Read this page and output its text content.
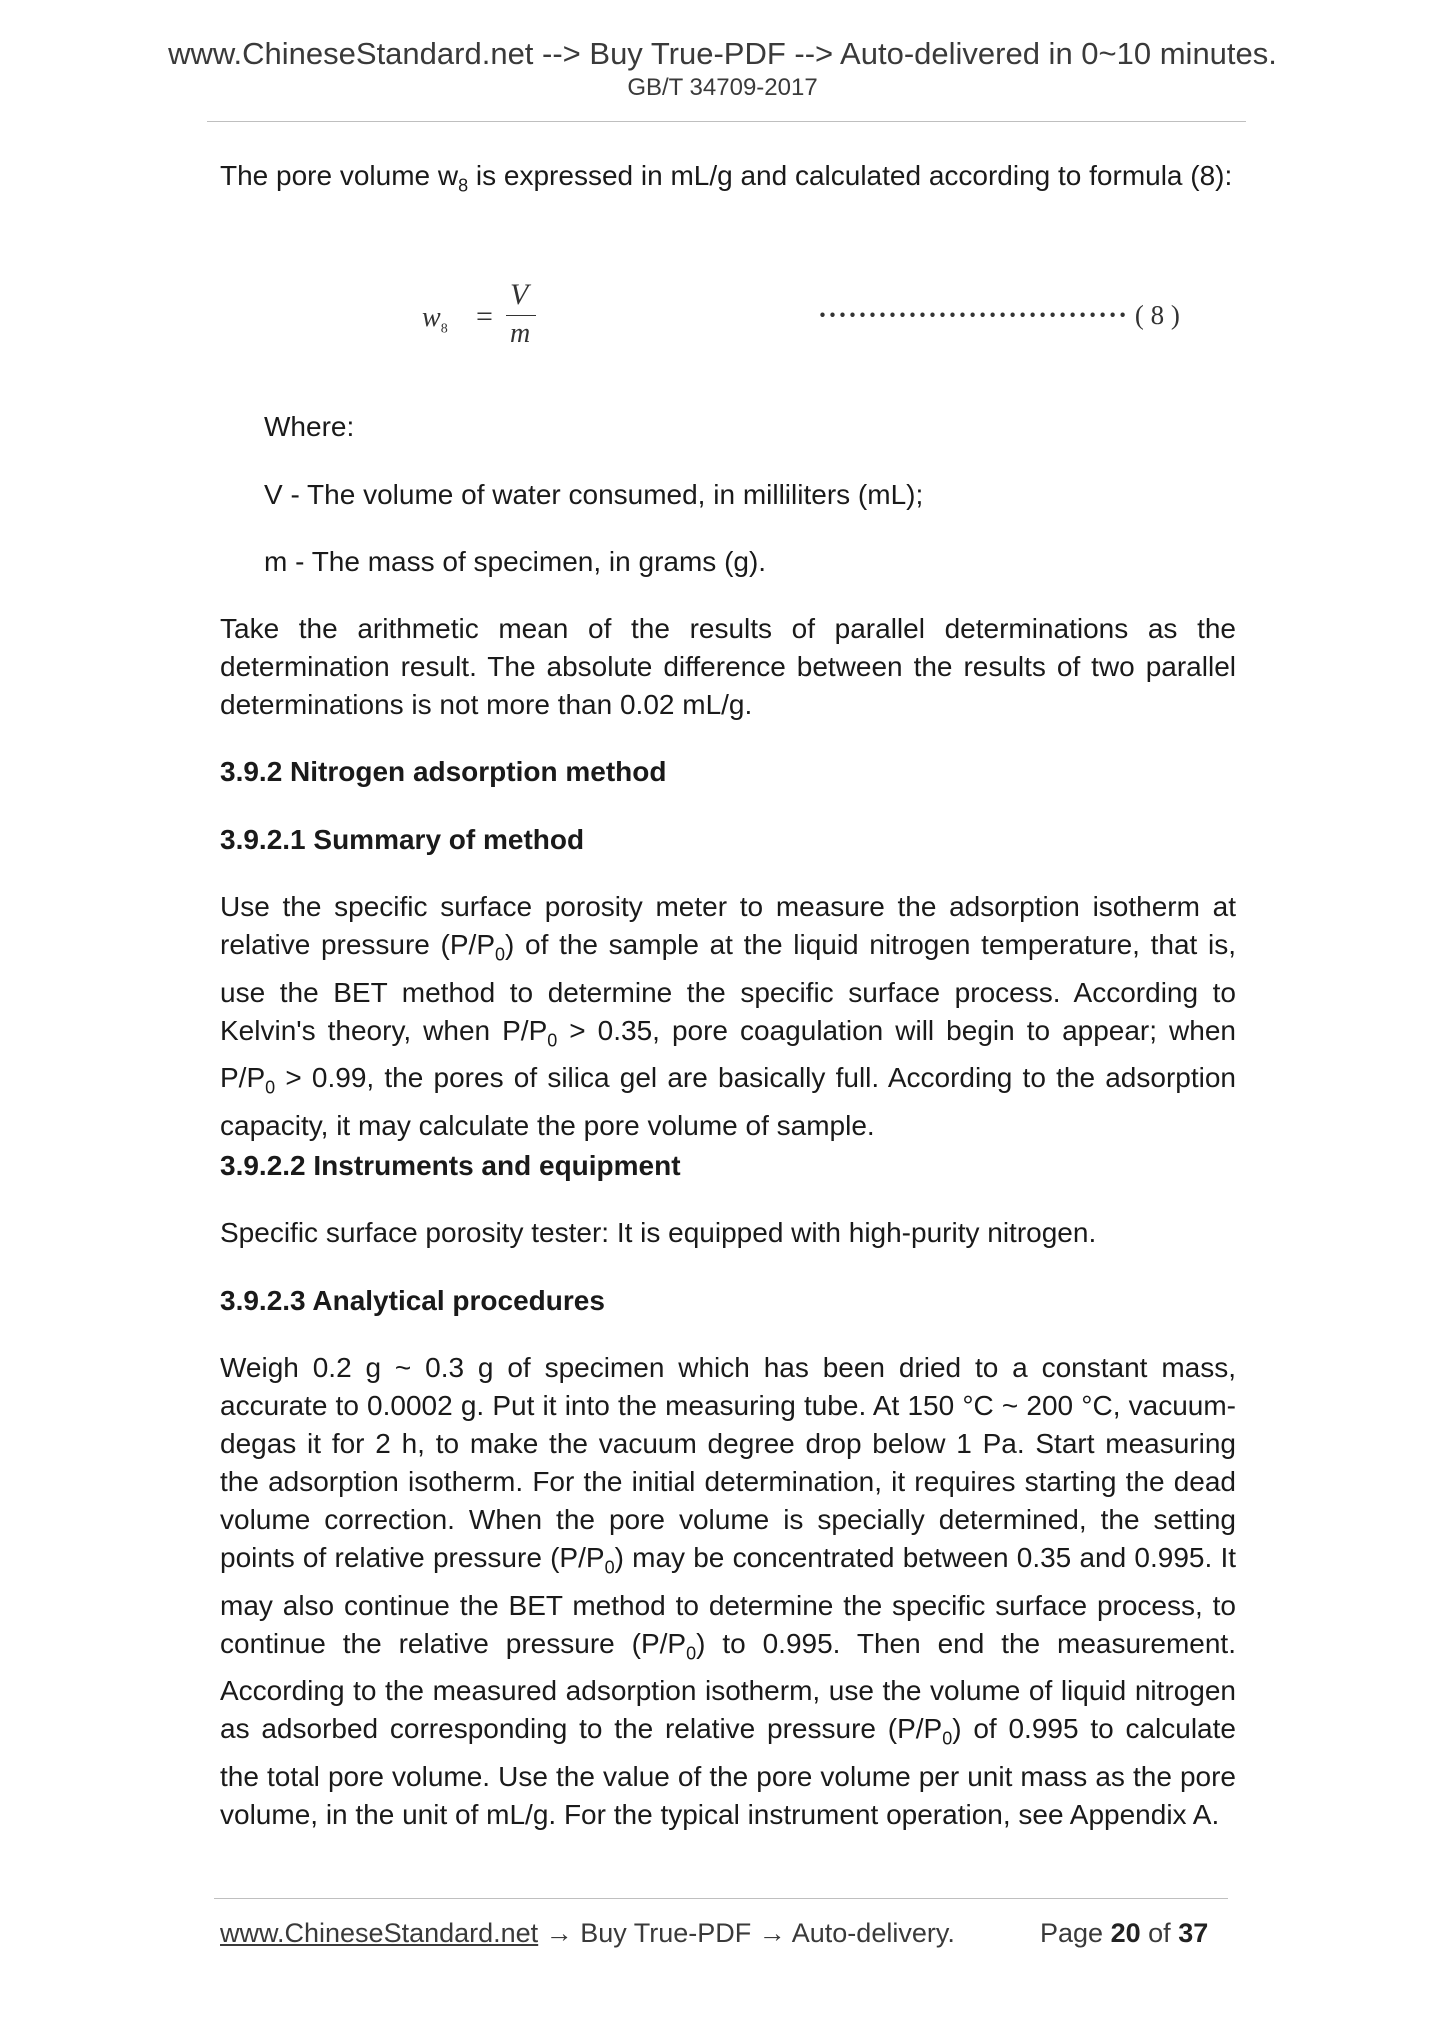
www.ChineseStandard.net --> Buy True-PDF --> Auto-delivered in 0~10 minutes.
GB/T 34709-2017

The pore volume $w_8$ is expressed in mL/g and calculated according to formula (8):

$w_8$ =
V
m
······························· ( 8 )

Where:

V - The volume of water consumed, in milliliters (mL);

m - The mass of specimen, in grams (g).

Take the arithmetic mean of the results of parallel determinations as the determination result. The absolute difference between the results of two parallel determinations is not more than 0.02 mL/g.

3.9.2 Nitrogen adsorption method

3.9.2.1 Summary of method

Use the specific surface porosity meter to measure the adsorption isotherm at relative pressure $(P/P_0)$ of the sample at the liquid nitrogen temperature, that is, use the BET method to determine the specific surface process. According to Kelvin's theory, when $P/P_0 > 0.35$, pore coagulation will begin to appear; when $P/P_0 > 0.99$, the pores of silica gel are basically full. According to the adsorption capacity, it may calculate the pore volume of sample.

3.9.2.2 Instruments and equipment

Specific surface porosity tester: It is equipped with high-purity nitrogen.

3.9.2.3 Analytical procedures

Weigh 0.2 g ~ 0.3 g of specimen which has been dried to a constant mass, accurate to 0.0002 g. Put it into the measuring tube. At 150 °C ~ 200 °C, vacuum-degas it for 2 h, to make the vacuum degree drop below 1 Pa. Start measuring the adsorption isotherm. For the initial determination, it requires starting the dead volume correction. When the pore volume is specially determined, the setting points of relative pressure $(P/P_0)$ may be concentrated between 0.35 and 0.995. It may also continue the BET method to determine the specific surface process, to continue the relative pressure $(P/P_0)$ to 0.995. Then end the measurement. According to the measured adsorption isotherm, use the volume of liquid nitrogen as adsorbed corresponding to the relative pressure $(P/P_0)$ of 0.995 to calculate the total pore volume. Use the value of the pore volume per unit mass as the pore volume, in the unit of mL/g. For the typical instrument operation, see Appendix A.

www.ChineseStandard.net → Buy True-PDF → Auto-delivery.	Page 20 of 37
